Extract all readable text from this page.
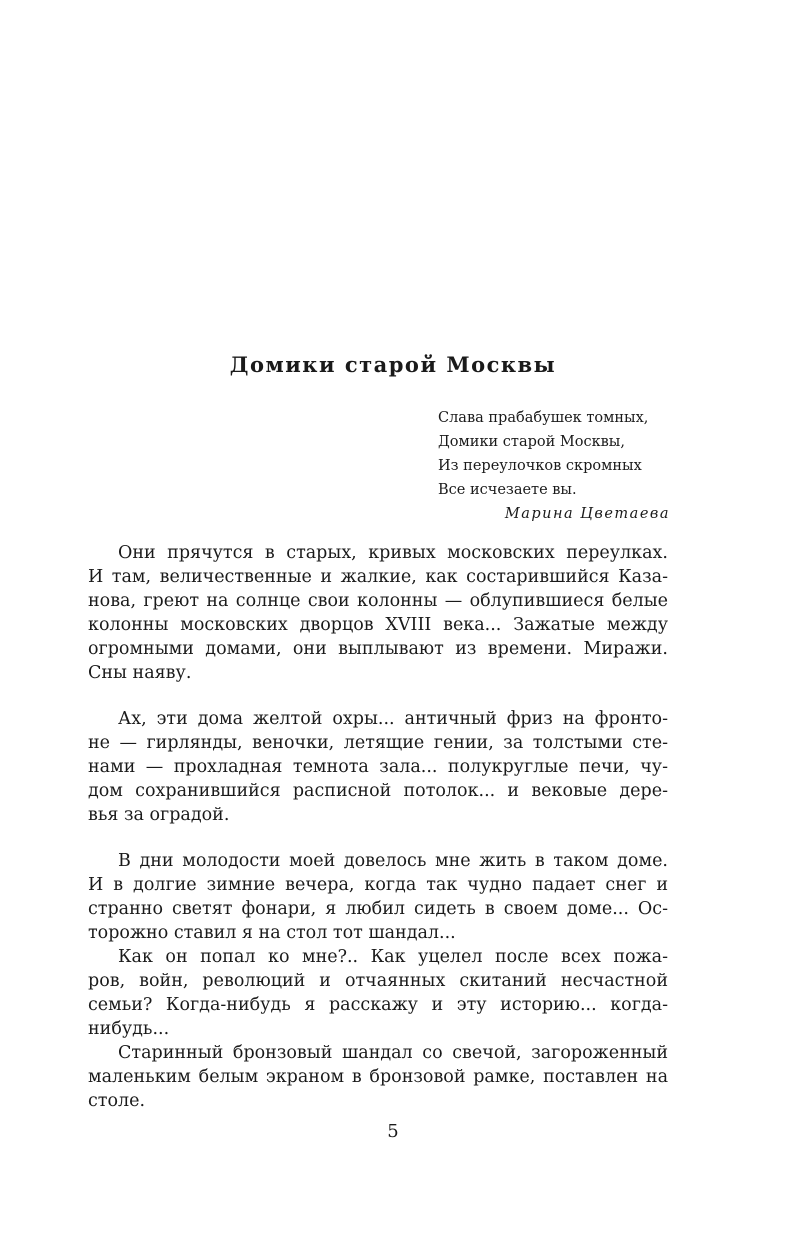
Домики старой Москвы
Слава прабабушек томных,
Домики старой Москвы,
Из переулочков скромных
Все исчезаете вы.
Марина Цветаева
Они прячутся в старых, кривых московских переулках.
И там, величественные и жалкие, как состарившийся Каза-
нова, греют на солнце свои колонны — облупившиеся белые
колонны московских дворцов XVIII века... Зажатые между
огромными домами, они выплывают из времени. Миражи.
Сны наяву.
Ах, эти дома желтой охры... античный фриз на фронто-
не — гирлянды, веночки, летящие гении, за толстыми сте-
нами — прохладная темнота зала... полукруглые печи, чу-
дом сохранившийся расписной потолок... и вековые дере-
вья за оградой.
В дни молодости моей довелось мне жить в таком доме.
И в долгие зимние вечера, когда так чудно падает снег и
странно светят фонари, я любил сидеть в своем доме... Ос-
торожно ставил я на стол тот шандал...
Как он попал ко мне?.. Как уцелел после всех пожа-
ров, войн, революций и отчаянных скитаний несчастной
семьи? Когда-нибудь я расскажу и эту историю... когда-
нибудь...
Старинный бронзовый шандал со свечой, загороженный
маленьким белым экраном в бронзовой рамке, поставлен на
столе.
5
